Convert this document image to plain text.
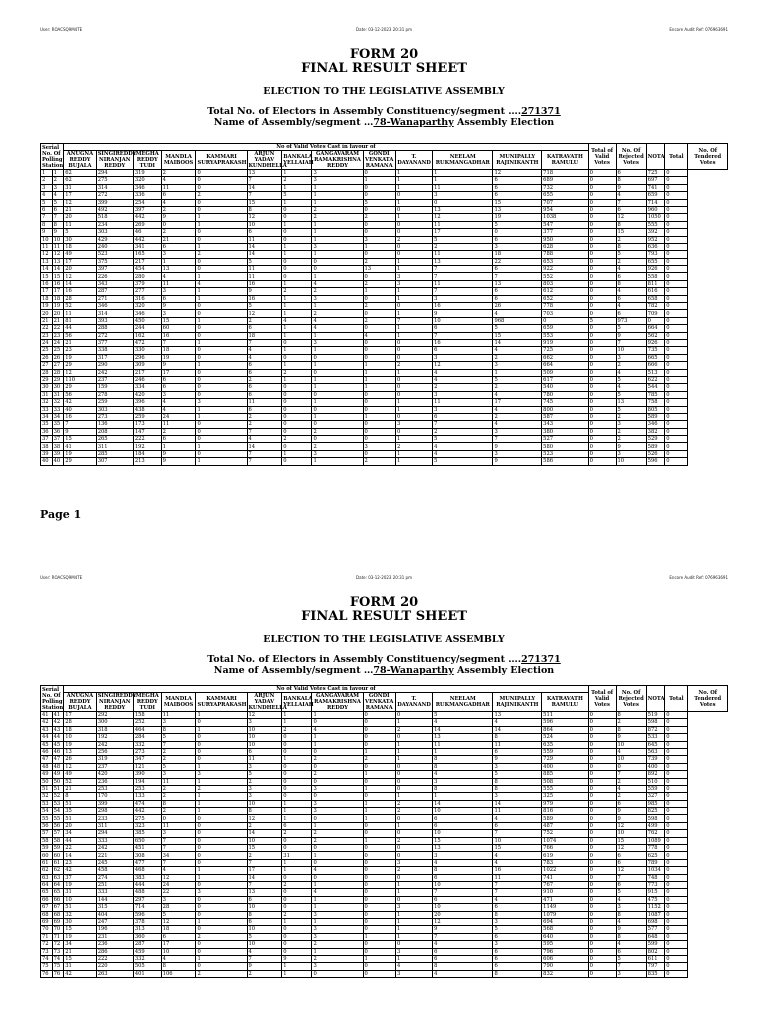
User: ROACSQ9M4TE	Date: 03-12-2023 20:31 pm	Encore Audit Ref: 076963691
FORM 20
FINAL RESULT SHEET
ELECTION TO THE LEGISLATIVE ASSEMBLY
Total No. of Electors in Assembly Constituency/segment ….271371
Name of Assembly/segment …78-Wanaparthy Assembly Election
Serial No. Of Polling Station		No of Valid Votes Cast in favour of													Total of Valid Votes	No. Of Rejected Votes	NOTA	Total	No. Of Tendered Votes
		ANUGNA REDDY BUJALA	SINGIREDDY NIRANJAN REDDY	MEGHA REDDY TUDI	MANDLA MAIBOOS	KAMMARI SURYAPRAKASH	ARJUN YADAV KUNDHELLA	BANKALA YELLAIAH	GANGAVARAM RAMAKRISHNA REDDY	GONDI VENKATA RAMANA	T. DAYANAND	NEELAM RUKMANGADHAR	MUNIPALLY RAJINIKANTH	KATRAVATH RAMULU					
1	1	62	294	319	2	0	13	1	3	0	1	1	12	718	0	6	725	0	
2	2	62	275	320	4	0	7	2	3	1	1	1	6	689	0	8	697	0	
3	3	31	314	346	11	0	14	1	1	0	1	11	6	732	0	9	741	0	
4	4	17	272	336	6	2	7	5	1	0	0	3	6	655	0	4	659	0	
5	5	12	399	254	4	0	15	1	1	5	1	0	15	707	0	7	714	0	
6	6	21	492	397	2	0	8	0	2	0	0	13	13	954	0	6	960	0	
7	7	20	518	442	9	1	12	0	2	2	1	12	19	1038	0	12	1050	0	
8	8	11	234	269	0	1	10	1	1	0	0	11	5	547	0	8	555	0	
9	9	5	303	46	2	0	6	0	1	0	0	17	0	377	0	15	392	0	
10	10	30	429	442	21	0	11	0	1	3	2	5	6	950	0	2	952	0	
11	11	18	240	341	6	1	14	1	3	1	0	2	3	628	0	8	636	0	
12	12	49	523	165	3	2	14	1	1	0	0	11	18	788	0	5	793	0	
13	13	17	375	217	1	0	5	0	0	2	1	13	22	653	0	2	655	0	
14	14	20	397	454	13	0	11	0	0	13	1	7	6	922	0	4	926	0	
15	15	12	226	280	4	1	11	0	1	0	3	7	7	552	0	6	558	0	
16	16	14	343	379	11	4	16	1	4	2	3	11	13	803	0	8	811	0	
17	17	16	287	277	3	1	9	2	2	1	1	7	6	612	0	4	616	0	
18	18	28	271	316	6	1	16	1	3	0	1	3	6	652	0	6	658	0	
19	19	52	346	320	9	0	5	1	1	2	0	16	26	778	0	4	782	0	
20	20	11	314	346	3	0	12	1	2	0	1	9	4	703	0	6	709	0	
21	21	81	393	450	15	1	2	4	4	2	7	10	968	0	5	973	0	0	
22	22	44	288	244	60	0	6	1	4	0	1	6	5	659	0	5	664	0	
23	23	56	272	162	16	0	18	1	1	4	1	7	15	553	0	9	562	0	
24	24	21	377	472	7	1	7	0	3	0	0	16	14	919	0	7	926	0	
25	25	23	338	330	18	0	4	1	1	0	0	6	4	725	0	10	735	0	
26	26	19	317	296	19	0	4	0	0	0	0	3	2	662	0	3	665	0	
27	27	29	290	309	9	1	6	1	1	1	2	12	3	664	0	2	666	0	
28	28	12	242	217	17	0	6	2	0	1	1	4	1	509	0	4	513	0	
29	29	110	237	246	6	0	2	1	1	1	0	4	5	617	0	5	622	0	
30	30	29	159	334	6	0	6	0	1	1	0	2	2	540	0	4	544	0	
31	31	56	278	420	3	0	6	0	0	0	0	3	4	780	0	5	785	0	
32	32	42	259	396	4	3	11	0	1	0	1	11	17	745	0	13	758	0	
33	33	40	303	438	4	1	6	0	0	0	1	3	4	800	0	5	805	0	
34	34	16	273	259	24	1	2	0	1	1	0	6	2	587	0	2	589	0	
35	35	7	136	173	11	0	2	0	0	0	3	7	4	343	0	3	346	0	
36	36	9	208	147	2	0	7	0	2	0	0	2	3	380	0	2	382	0	
37	37	15	265	222	6	0	4	2	0	0	1	5	7	527	0	2	529	0	
38	38	41	311	192	1	1	14	0	2	3	2	4	9	580	0	9	589	0	
39	39	19	285	184	9	0	7	1	3	0	1	4	3	523	0	3	526	0	
40	40	29	307	213	9	1	7	0	1	2	1	5	9	586	0	10	596	0	
Page 1
User: ROACSQ9M4TE	Date: 03-12-2023 20:31 pm	Encore Audit Ref: 076963691
FORM 20
FINAL RESULT SHEET
ELECTION TO THE LEGISLATIVE ASSEMBLY
Total No. of Electors in Assembly Constituency/segment ….271371
Name of Assembly/segment …78-Wanaparthy Assembly Election
Serial No. Of Polling Station		No of Valid Votes Cast in favour of													Total of Valid Votes	No. Of Rejected Votes	NOTA	Total	No. Of Tendered Votes
		ANUGNA REDDY BUJALA	SINGIREDDY NIRANJAN REDDY	MEGHA REDDY TUDI	MANDLA MAIBOOS	KAMMARI SURYAPRAKASH	ARJUN YADAV KUNDHELLA	BANKALA YELLAIAH	GANGAVARAM RAMAKRISHNA REDDY	GONDI VENKATA RAMANA	T. DAYANAND	NEELAM RUKMANGADHAR	MUNIPALLY RAJINIKANTH	KATRAVATH RAMULU					
41	41	17	292	158	11	1	12	1	1	0	0	5	13	511	0	8	519	0	
42	42	28	300	252	3	0	3	1	0	0	1	4	4	596	0	2	598	0	
43	43	18	318	464	8	1	10	2	4	0	2	14	14	864	0	8	872	0	
44	44	10	192	284	5	0	10	0	1	0	0	13	8	524	0	9	533	0	
45	45	19	242	332	7	0	10	0	1	0	1	11	11	635	0	10	645	0	
46	46	13	256	273	2	0	6	0	0	1	1	1	6	559	0	4	563	0	
47	47	26	319	347	2	0	11	1	2	2	1	8	9	729	0	10	739	0	
48	48	12	237	121	5	1	3	0	0	0	0	8	3	400	0	0	400	0	
49	49	49	420	390	3	3	5	0	2	1	0	4	5	885	0	7	892	0	
50	50	52	236	194	11	1	2	0	0	0	0	3	8	508	0	2	510	0	
51	51	21	253	253	2	2	3	0	3	1	0	8	8	555	0	4	559	0	
52	52	8	170	133	2	1	3	0	0	0	1	1	3	325	0	2	327	0	
53	53	51	399	474	8	1	10	1	3	1	2	14	14	979	0	6	985	0	
54	54	35	298	442	2	1	8	1	3	1	2	10	11	816	0	9	825	0	
55	55	51	233	275	0	0	12	1	0	1	0	6	4	589	0	9	598	0	
56	56	20	311	323	11	0	2	6	1	0	1	6	6	487	0	12	499	0	
57	57	34	294	385	3	0	14	2	2	0	0	10	7	752	0	10	762	0	
58	58	44	333	650	7	0	10	0	2	1	2	15	10	1074	0	15	1089	0	
59	59	22	242	451	7	0	15	0	0	0	0	13	15	766	0	12	778	0	
60	60	14	221	308	34	0	2	31	1	0	0	3	4	619	0	6	625	0	
61	61	23	245	477	7	0	7	1	0	0	3	4	4	783	0	6	789	0	
62	62	42	458	468	4	1	17	1	4	0	2	8	16	1022	0	12	1034	0	
63	63	37	274	383	12	1	14	0	0	0	0	6	11	741	0	7	748	0	
64	64	19	251	444	24	0	7	2	1	0	1	10	7	767	0	6	773	0	
65	65	31	333	488	22	3	13	0	4	0	1	7	7	910	0	5	915	0	
66	66	10	144	297	3	0	6	0	1	0	0	6	4	471	0	4	475	0	
67	67	51	315	714	28	0	10	0	1	0	3	10	6	1149	0	3	1152	0	
68	68	32	404	596	5	0	8	2	3	0	1	20	8	1079	0	8	1087	0	
69	69	30	247	378	12	1	6	1	1	0	1	12	3	694	0	4	698	0	
70	70	15	196	313	18	0	10	0	3	0	1	9	5	568	0	9	577	0	
71	71	19	231	360	6	2	5	0	3	1	1	7	6	640	0	8	648	0	
72	72	34	236	287	17	0	10	0	2	0	0	4	3	595	0	4	599	0	
73	73	21	286	459	10	0	4	0	1	0	3	6	6	796	0	6	802	0	
74	74	15	222	332	4	1	7	9	2	1	1	6	6	606	0	5	611	0	
75	75	31	220	505	8	0	9	1	3	0	4	8	6	790	0	7	797	0	
76	76	42	263	401	106	2	2	1	0	0	3	4	8	832	0	3	835	0	
